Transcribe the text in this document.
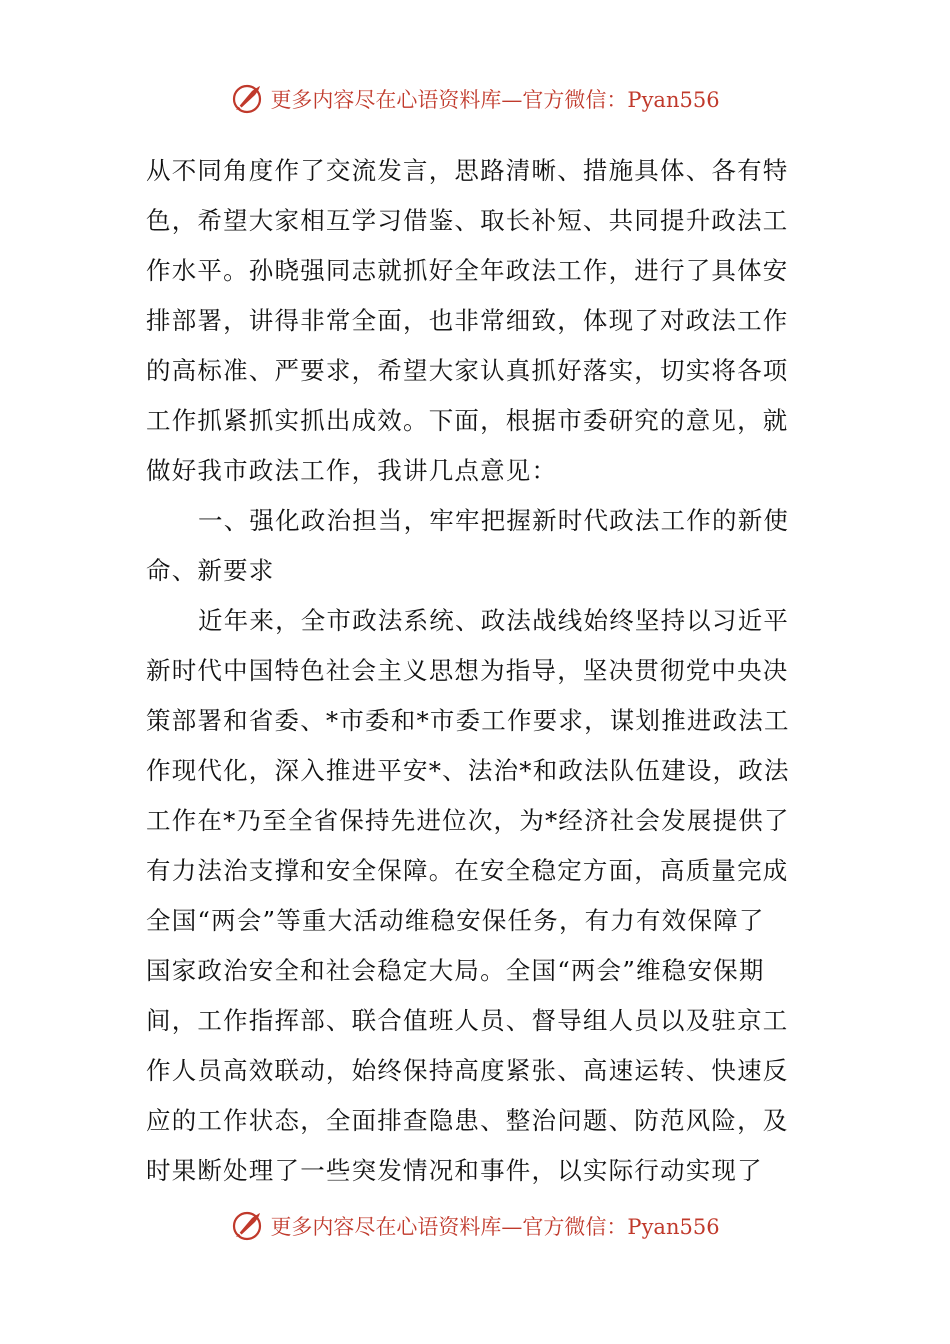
更多内容尽在心语资料库—官方微信：Pyan556
从不同角度作了交流发言，思路清晰、措施具体、各有特
色，希望大家相互学习借鉴、取长补短、共同提升政法工
作水平。孙晓强同志就抓好全年政法工作，进行了具体安
排部署，讲得非常全面，也非常细致，体现了对政法工作
的高标准、严要求，希望大家认真抓好落实，切实将各项
工作抓紧抓实抓出成效。下面，根据市委研究的意见，就
做好我市政法工作，我讲几点意见：
一、强化政治担当，牢牢把握新时代政法工作的新使
命、新要求
近年来，全市政法系统、政法战线始终坚持以习近平
新时代中国特色社会主义思想为指导，坚决贯彻党中央决
策部署和省委、*市委和*市委工作要求，谋划推进政法工
作现代化，深入推进平安*、法治*和政法队伍建设，政法
工作在*乃至全省保持先进位次，为*经济社会发展提供了
有力法治支撑和安全保障。在安全稳定方面，高质量完成
全国“两会”等重大活动维稳安保任务，有力有效保障了
国家政治安全和社会稳定大局。全国“两会”维稳安保期
间，工作指挥部、联合值班人员、督导组人员以及驻京工
作人员高效联动，始终保持高度紧张、高速运转、快速反
应的工作状态，全面排查隐患、整治问题、防范风险，及
时果断处理了一些突发情况和事件，以实际行动实现了
更多内容尽在心语资料库—官方微信：Pyan556
